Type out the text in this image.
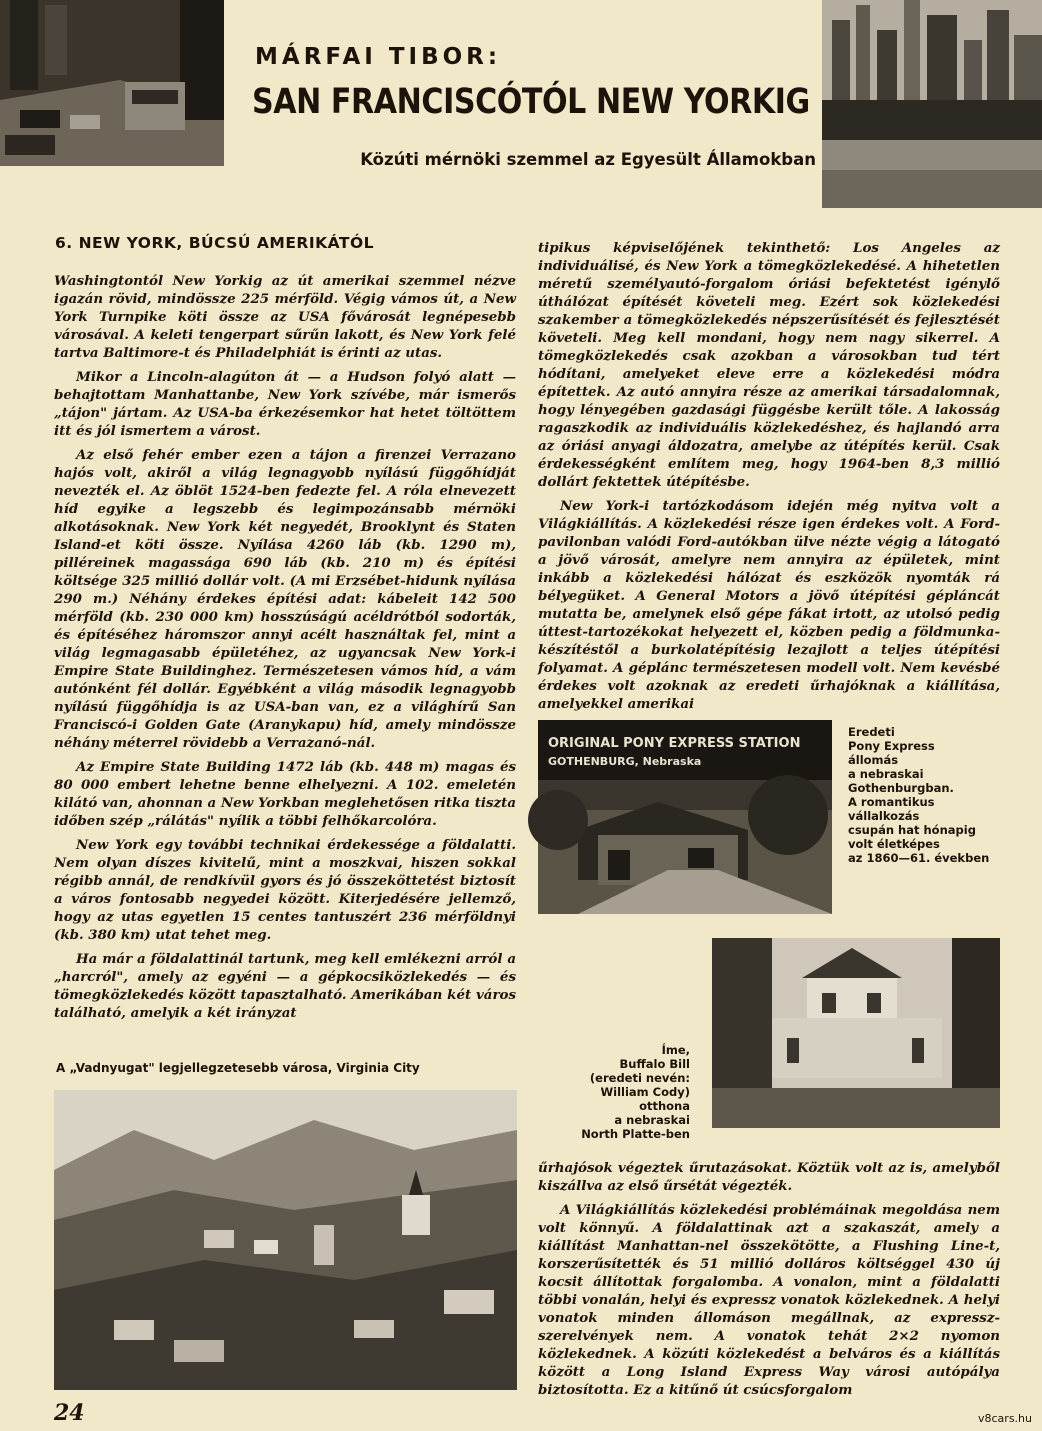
MÁRFAI TIBOR:
SAN FRANCISCÓTÓL NEW YORKIG
Közúti mérnöki szemmel az Egyesült Államokban
6. NEW YORK, BÚCSÚ AMERIKÁTÓL

Washingtontól New Yorkig az út amerikai szemmel nézve igazán rövid, mindössze 225 mérföld. Végig vámos út, a New York Turnpike köti össze az USA fővárosát legnépesebb városával. A keleti tengerpart sűrűn lakott, és New York felé tartva Baltimore-t és Philadelphiát is érinti az utas.

Mikor a Lincoln-alagúton át — a Hudson folyó alatt — behajtottam Manhattanbe, New York szívébe, már ismerős „tájon" jártam. Az USA-ba érkezésemkor hat hetet töltöttem itt és jól ismertem a várost.

Az első fehér ember ezen a tájon a firenzei Verrazano hajós volt, akiről a világ legnagyobb nyílású függőhídját nevezték el. Az öblöt 1524-ben fedezte fel. A róla elnevezett híd egyike a legszebb és legimpozánsabb mérnöki alkotásoknak. New York két negyedét, Brooklynt és Staten Island-et köti össze. Nyílása 4260 láb (kb. 1290 m), pilléreinek magassága 690 láb (kb. 210 m) és építési költsége 325 millió dollár volt. (A mi Erzsébet-hidunk nyílása 290 m.) Néhány érdekes építési adat: kábeleit 142 500 mérföld (kb. 230 000 km) hosszúságú acéldrótból sodorták, és építéséhez háromszor annyi acélt használtak fel, mint a világ legmagasabb épületéhez, az ugyancsak New York-i Empire State Buildinghez. Természetesen vámos híd, a vám autónként fél dollár. Egyébként a világ második legnagyobb nyílású függőhídja is az USA-ban van, ez a világhírű San Franciscó-i Golden Gate (Aranykapu) híd, amely mindössze néhány méterrel rövidebb a Verrazanó-nál.

Az Empire State Building 1472 láb (kb. 448 m) magas és 80 000 embert lehetne benne elhelyezni. A 102. emeletén kilátó van, ahonnan a New Yorkban meglehetősen ritka tiszta időben szép „rálátás" nyílik a többi felhőkarcolóra.

New York egy további technikai érdekessége a földalatti. Nem olyan díszes kivitelű, mint a moszkvai, hiszen sokkal régibb annál, de rendkívül gyors és jó összeköttetést biztosít a város fontosabb negyedei között. Kiterjedésére jellemző, hogy az utas egyetlen 15 centes tantuszért 236 mérföldnyi (kb. 380 km) utat tehet meg.

Ha már a földalattinál tartunk, meg kell emlékezni arról a „harcról", amely az egyéni — a gépkocsiközlekedés — és tömegközlekedés között tapasztalható. Amerikában két város található, amelyik a két irányzat

tipikus képviselőjének tekinthető: Los Angeles az individuálisé, és New York a tömegközlekedésé. A hihetetlen méretű személyautó-forgalom óriási befektetést igénylő úthálózat építését követeli meg. Ezért sok közlekedési szakember a tömegközlekedés népszerűsítését és fejlesztését követeli. Meg kell mondani, hogy nem nagy sikerrel. A tömegközlekedés csak azokban a városokban tud tért hódítani, amelyeket eleve erre a közlekedési módra építettek. Az autó annyira része az amerikai társadalomnak, hogy lényegében gazdasági függésbe került tőle. A lakosság ragaszkodik az individuális közlekedéshez, és hajlandó arra az óriási anyagi áldozatra, amelybe az útépítés kerül. Csak érdekességként említem meg, hogy 1964-ben 8,3 millió dollárt fektettek útépítésbe.

New York-i tartózkodásom idején még nyitva volt a Világkiállítás. A közlekedési része igen érdekes volt. A Ford-pavilonban valódi Ford-autókban ülve nézte végig a látogató a jövő városát, amelyre nem annyira az épületek, mint inkább a közlekedési hálózat és eszközök nyomták rá bélyegüket. A General Motors a jövő útépítési géplánc​át mutatta be, amelynek első gépe fákat irtott, az utolsó pedig úttest-tartozékokat helyezett el, közben pedig a földmunka-készítéstől a burkolatépítésig lezajlott a teljes útépítési folyamat. A géplánc természetesen modell volt. Nem kevésbé érdekes volt azoknak az eredeti űrhajóknak a kiállítása, amelyekkel amerikai

ORIGINAL PONY EXPRESS STATION
GOTHENBURG, Nebraska
Eredeti
Pony Express
állomás
a nebraskai
Gothenburgban.
A romantikus
vállalkozás
csupán hat hónapig
volt életképes
az 1860—61. években
Íme,
Buffalo Bill
(eredeti nevén:
William Cody)
otthona
a nebraskai
North Platte-ben
A „Vadnyugat" legjellegzetesebb városa, Virginia City

űrhajósok végeztek űrutazásokat. Köztük volt az is, amelyből kiszállva az első űrsétát végezték.

A Világkiállítás közlekedési problémáinak megoldása nem volt könnyű. A földalattinak azt a szakaszát, amely a kiállítást Manhattan-nel összekötötte, a Flushing Line-t, korszerűsítették és 51 millió dolláros költséggel 430 új kocsit állítottak forgalomba. A vonalon, mint a földalatti többi vonalán, helyi és expressz vonatok közlekednek. A helyi vonatok minden állomáson megállnak, az expressz-szerelvények nem. A vonatok tehát 2×2 nyomon közlekednek. A közúti közlekedést a belváros és a kiállítás között a Long Island Express Way városi autópálya biztosította. Ez a kitűnő út csúcsforgalom

24	v8cars.hu
